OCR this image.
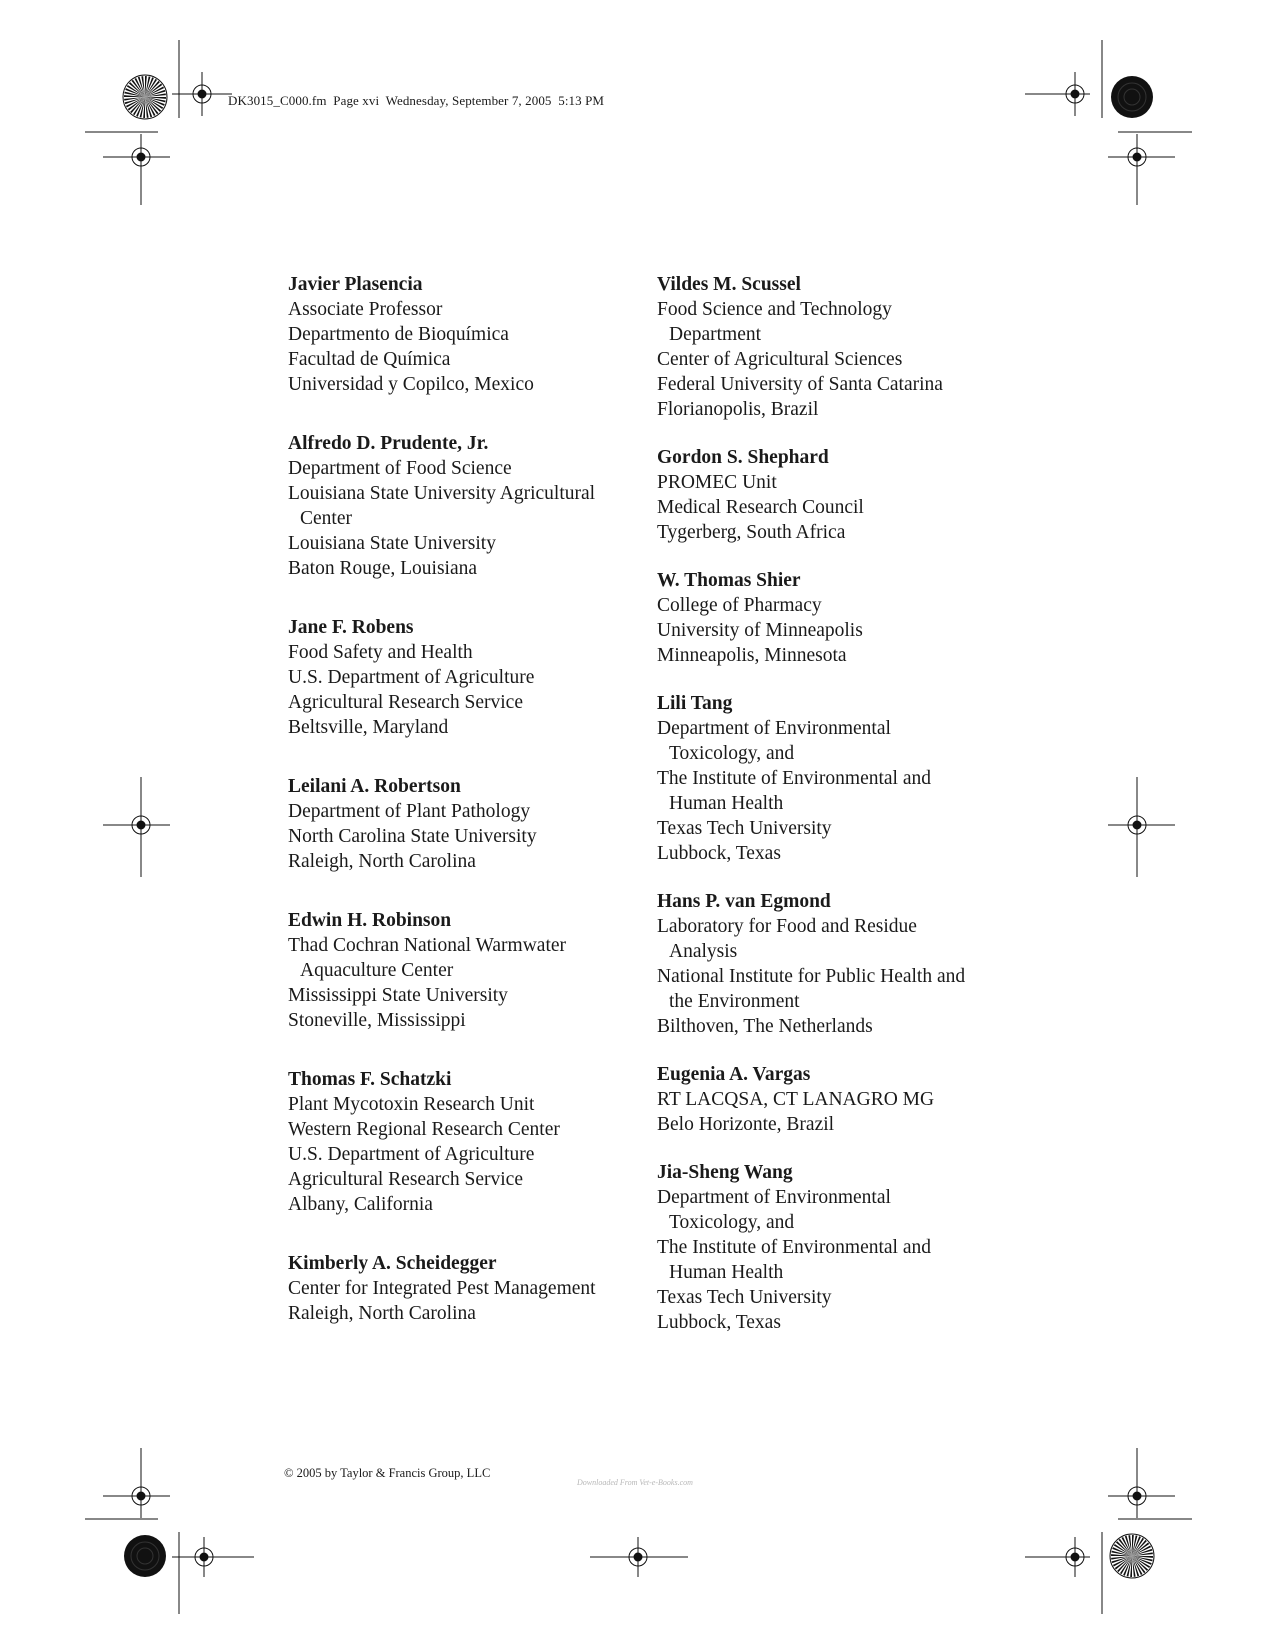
DK3015_C000.fm  Page xvi  Wednesday, September 7, 2005  5:13 PM
Javier Plasencia
Associate Professor
Departmento de Bioquímica
Facultad de Química
Universidad y Copilco, Mexico
Alfredo D. Prudente, Jr.
Department of Food Science
Louisiana State University Agricultural
Center
Louisiana State University
Baton Rouge, Louisiana
Jane F. Robens
Food Safety and Health
U.S. Department of Agriculture
Agricultural Research Service
Beltsville, Maryland
Leilani A. Robertson
Department of Plant Pathology
North Carolina State University
Raleigh, North Carolina
Edwin H. Robinson
Thad Cochran National Warmwater
Aquaculture Center
Mississippi State University
Stoneville, Mississippi
Thomas F. Schatzki
Plant Mycotoxin Research Unit
Western Regional Research Center
U.S. Department of Agriculture
Agricultural Research Service
Albany, California
Kimberly A. Scheidegger
Center for Integrated Pest Management
Raleigh, North Carolina
Vildes M. Scussel
Food Science and Technology
Department
Center of Agricultural Sciences
Federal University of Santa Catarina
Florianopolis, Brazil
Gordon S. Shephard
PROMEC Unit
Medical Research Council
Tygerberg, South Africa
W. Thomas Shier
College of Pharmacy
University of Minneapolis
Minneapolis, Minnesota
Lili Tang
Department of Environmental
Toxicology, and
The Institute of Environmental and
Human Health
Texas Tech University
Lubbock, Texas
Hans P. van Egmond
Laboratory for Food and Residue
Analysis
National Institute for Public Health and
the Environment
Bilthoven, The Netherlands
Eugenia A. Vargas
RT LACQSA, CT LANAGRO MG
Belo Horizonte, Brazil
Jia-Sheng Wang
Department of Environmental
Toxicology, and
The Institute of Environmental and
Human Health
Texas Tech University
Lubbock, Texas
© 2005 by Taylor & Francis Group, LLC
Downloaded From Vet-e-Books.com
